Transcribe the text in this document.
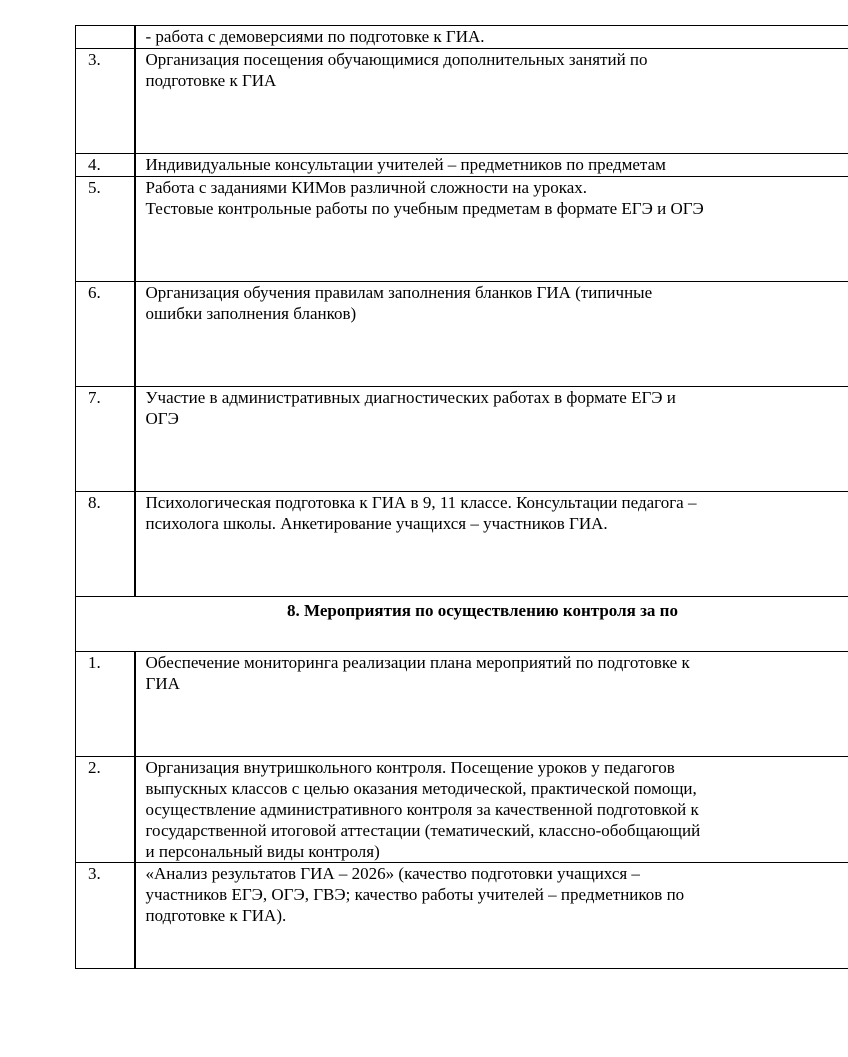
	- работа с демоверсиями по подготовке к ГИА.
3.	Организация посещения обучающимися дополнительных занятий по
подготовке к ГИА
4.	Индивидуальные консультации учителей – предметников по предметам
5.	Работа с заданиями КИМов различной сложности на уроках.
Тестовые контрольные работы по учебным предметам в формате ЕГЭ и ОГЭ
6.	Организация обучения правилам заполнения бланков ГИА (типичные
ошибки заполнения бланков)
7.	Участие в административных диагностических работах в формате ЕГЭ и
ОГЭ
8.	Психологическая подготовка к ГИА в 9, 11 классе. Консультации педагога –
психолога школы. Анкетирование учащихся – участников ГИА.
8. Мероприятия по осуществлению контроля за по	
1.	Обеспечение мониторинга реализации плана мероприятий по подготовке к
ГИА
2.	Организация внутришкольного контроля. Посещение уроков у педагогов
выпускных классов с целью оказания методической, практической помощи,
осуществление административного контроля за качественной подготовкой к
государственной итоговой аттестации (тематический, классно-обобщающий
и персональный виды контроля)
3.	«Анализ результатов ГИА – 2026» (качество подготовки учащихся –
участников ЕГЭ, ОГЭ, ГВЭ; качество работы учителей – предметников по
подготовке к ГИА).
